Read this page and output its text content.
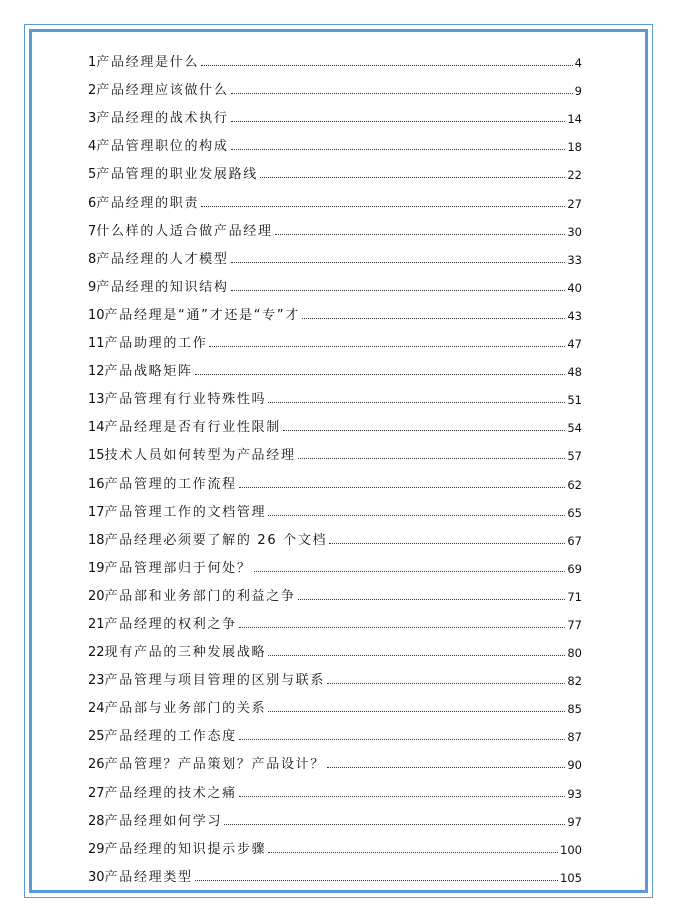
1 产品经理是什么	4
2 产品经理应该做什么	9
3 产品经理的战术执行	14
4 产品管理职位的构成	18
5 产品管理的职业发展路线	22
6 产品经理的职责	27
7 什么样的人适合做产品经理	30
8 产品经理的人才模型	33
9 产品经理的知识结构	40
10 产品经理是“通”才还是“专”才	43
11 产品助理的工作	47
12 产品战略矩阵	48
13 产品管理有行业特殊性吗	51
14 产品经理是否有行业性限制	54
15 技术人员如何转型为产品经理	57
16 产品管理的工作流程	62
17 产品管理工作的文档管理	65
18 产品经理必须要了解的 26 个文档	67
19 产品管理部归于何处？	69
20 产品部和业务部门的利益之争	71
21 产品经理的权利之争	77
22 现有产品的三种发展战略	80
23 产品管理与项目管理的区别与联系	82
24 产品部与业务部门的关系	85
25 产品经理的工作态度	87
26 产品管理？产品策划？产品设计？	90
27 产品经理的技术之痛	93
28 产品经理如何学习	97
29 产品经理的知识提示步骤	100
30 产品经理类型	105
